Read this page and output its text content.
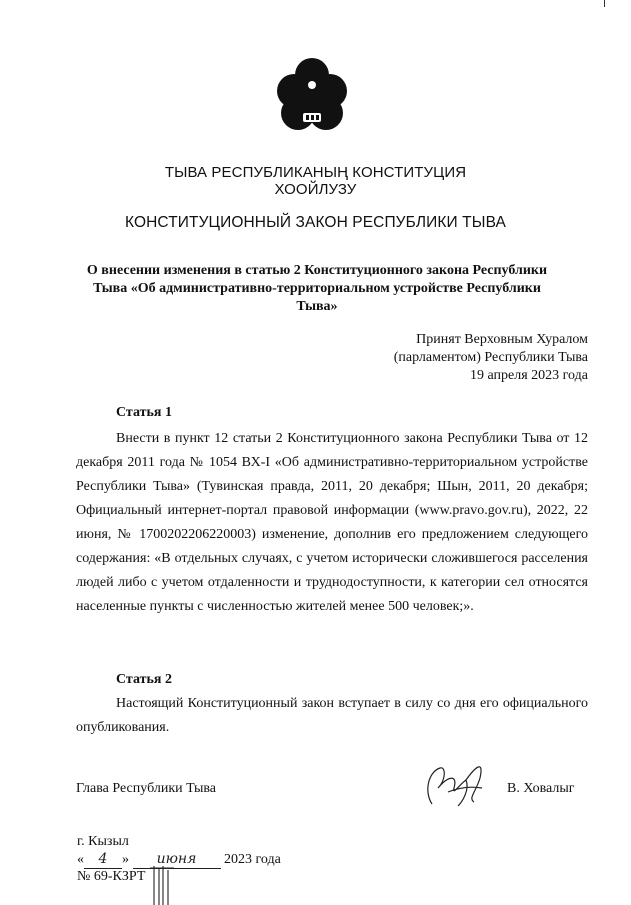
ТЫВА РЕСПУБЛИКАНЫҢ КОНСТИТУЦИЯ
ХООЙЛУЗУ
КОНСТИТУЦИОННЫЙ ЗАКОН РЕСПУБЛИКИ ТЫВА
О внесении изменения в статью 2 Конституционного закона Республики
Тыва «Об административно-территориальном устройстве Республики
Тыва»
Принят Верховным Хуралом
(парламентом) Республики Тыва
19 апреля 2023 года
Статья 1
Внести в пункт 12 статьи 2 Конституционного закона Республики Тыва от 12 декабря 2011 года № 1054 ВХ-I «Об административно-территориальном устройстве Республики Тыва» (Тувинская правда, 2011, 20 декабря; Шын, 2011, 20 декабря; Официальный интернет-портал правовой информации (www.pravo.gov.ru), 2022, 22 июня, № 1700202206220003) изменение, дополнив его предложением следующего содержания: «В отдельных случаях, с учетом исторически сложившегося расселения людей либо с учетом отдаленности и труднодоступности, к категории сел относятся населенные пункты с численностью жителей менее 500 человек;».
Статья 2
Настоящий Конституционный закон вступает в силу со дня его официального опубликования.
Глава Республики Тыва	В. Ховалыг
г. Кызыл
« 4 » июня 2023 года
№ 69-КЗРТ
